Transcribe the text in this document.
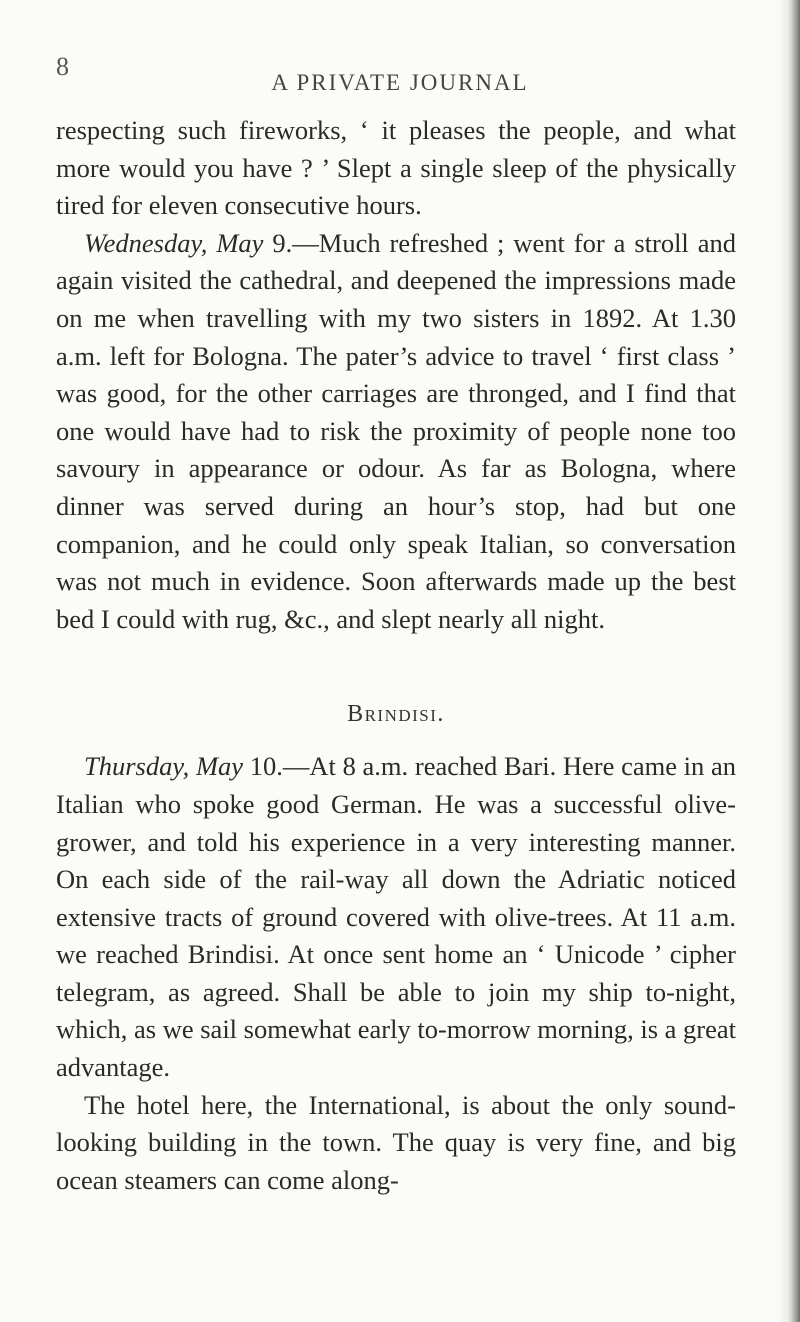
8
A PRIVATE JOURNAL

respecting such fireworks, ‘ it pleases the people, and what more would you have ? ’ Slept a single sleep of the physically tired for eleven consecutive hours.

Wednesday, May 9.—Much refreshed ; went for a stroll and again visited the cathedral, and deepened the impressions made on me when travelling with my two sisters in 1892. At 1.30 a.m. left for Bologna. The pater’s advice to travel ‘ first class ’ was good, for the other carriages are thronged, and I find that one would have had to risk the proximity of people none too savoury in appearance or odour. As far as Bologna, where dinner was served during an hour’s stop, had but one companion, and he could only speak Italian, so conversation was not much in evidence. Soon afterwards made up the best bed I could with rug, &c., and slept nearly all night.

Brindisi.

Thursday, May 10.—At 8 a.m. reached Bari. Here came in an Italian who spoke good German. He was a successful olive-grower, and told his experience in a very interesting manner. On each side of the rail-way all down the Adriatic noticed extensive tracts of ground covered with olive-trees. At 11 a.m. we reached Brindisi. At once sent home an ‘ Unicode ’ cipher telegram, as agreed. Shall be able to join my ship to-night, which, as we sail somewhat early to-morrow morning, is a great advantage.

The hotel here, the International, is about the only sound-looking building in the town. The quay is very fine, and big ocean steamers can come along-
